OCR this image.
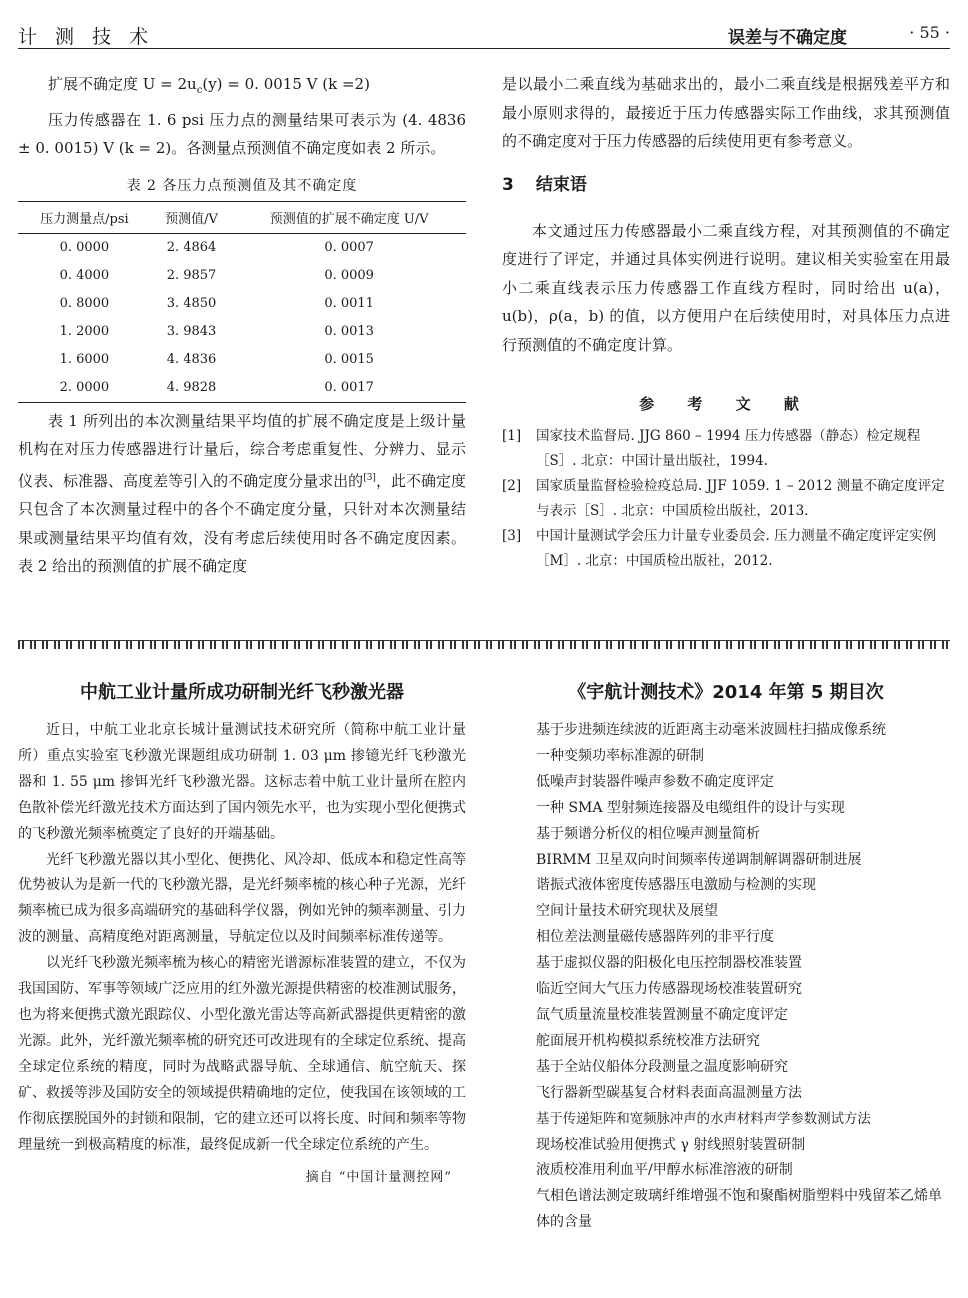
计 测 技 术	误差与不确定度	· 55 ·

扩展不确定度 $U = 2u_c(y) = 0$. 0015 V (k =2)

压力传感器在 1. 6 psi 压力点的测量结果可表示为 (4. 4836 ± 0. 0015) V (k = 2)。各测量点预测值不确定度如表 2 所示。

表 2 各压力点预测值及其不确定度
压力测量点/psi	预测值/V	预测值的扩展不确定度 U/V
0. 0000	2. 4864	0. 0007
0. 4000	2. 9857	0. 0009
0. 8000	3. 4850	0. 0011
1. 2000	3. 9843	0. 0013
1. 6000	4. 4836	0. 0015
2. 0000	4. 9828	0. 0017

表 1 所列出的本次测量结果平均值的扩展不确定度是上级计量机构在对压力传感器进行计量后，综合考虑重复性、分辨力、显示仪表、标准器、高度差等引入的不确定度分量求出的[3]，此不确定度只包含了本次测量过程中的各个不确定度分量，只针对本次测量结果或测量结果平均值有效，没有考虑后续使用时各不确定度因素。表 2 给出的预测值的扩展不确定度

是以最小二乘直线为基础求出的，最小二乘直线是根据残差平方和最小原则求得的，最接近于压力传感器实际工作曲线，求其预测值的不确定度对于压力传感器的后续使用更有参考意义。

3 结束语

本文通过压力传感器最小二乘直线方程，对其预测值的不确定度进行了评定，并通过具体实例进行说明。建议相关实验室在用最小二乘直线表示压力传感器工作直线方程时，同时给出 u(a)，u(b)，ρ(a，b) 的值，以方便用户在后续使用时，对具体压力点进行预测值的不确定度计算。

参 考 文 献
[1] 国家技术监督局. JJG 860 – 1994 压力传感器（静态）检定规程［S］. 北京：中国计量出版社，1994.
[2] 国家质量监督检验检疫总局. JJF 1059. 1 – 2012 测量不确定度评定与表示［S］. 北京：中国质检出版社，2013.
[3] 中国计量测试学会压力计量专业委员会. 压力测量不确定度评定实例［M］. 北京：中国质检出版社，2012.
中航工业计量所成功研制光纤飞秒激光器

近日，中航工业北京长城计量测试技术研究所（简称中航工业计量所）重点实验室飞秒激光课题组成功研制 1. 03 μm 掺镱光纤飞秒激光器和 1. 55 μm 掺铒光纤飞秒激光器。这标志着中航工业计量所在腔内色散补偿光纤激光技术方面达到了国内领先水平，也为实现小型化便携式的飞秒激光频率梳奠定了良好的开端基础。

光纤飞秒激光器以其小型化、便携化、风冷却、低成本和稳定性高等优势被认为是新一代的飞秒激光器，是光纤频率梳的核心种子光源，光纤频率梳已成为很多高端研究的基础科学仪器，例如光钟的频率测量、引力波的测量、高精度绝对距离测量，导航定位以及时间频率标准传递等。

以光纤飞秒激光频率梳为核心的精密光谱源标准装置的建立，不仅为我国国防、军事等领域广泛应用的红外激光源提供精密的校准测试服务，也为将来便携式激光跟踪仪、小型化激光雷达等高新武器提供更精密的激光源。此外，光纤激光频率梳的研究还可改进现有的全球定位系统、提高全球定位系统的精度，同时为战略武器导航、全球通信、航空航天、探矿、救援等涉及国防安全的领域提供精确地的定位，使我国在该领域的工作彻底摆脱国外的封锁和限制，它的建立还可以将长度、时间和频率等物理量统一到极高精度的标准，最终促成新一代全球定位系统的产生。

摘自 “中国计量测控网”
《宇航计测技术》2014 年第 5 期目次
基于步进频连续波的近距离主动毫米波圆柱扫描成像系统
一种变频功率标准源的研制
低噪声封装器件噪声参数不确定度评定
一种 SMA 型射频连接器及电缆组件的设计与实现
基于频谱分析仪的相位噪声测量简析
BIRMM 卫星双向时间频率传递调制解调器研制进展
谐振式液体密度传感器压电激励与检测的实现
空间计量技术研究现状及展望
相位差法测量磁传感器阵列的非平行度
基于虚拟仪器的阳极化电压控制器校准装置
临近空间大气压力传感器现场校准装置研究
氙气质量流量校准装置测量不确定度评定
舵面展开机构模拟系统校准方法研究
基于全站仪船体分段测量之温度影响研究
飞行器新型碳基复合材料表面高温测量方法
基于传递矩阵和宽频脉冲声的水声材料声学参数测试方法
现场校准试验用便携式 γ 射线照射装置研制
液质校准用利血平/甲醇水标准溶液的研制
气相色谱法测定玻璃纤维增强不饱和聚酯树脂塑料中残留苯乙烯单体的含量
